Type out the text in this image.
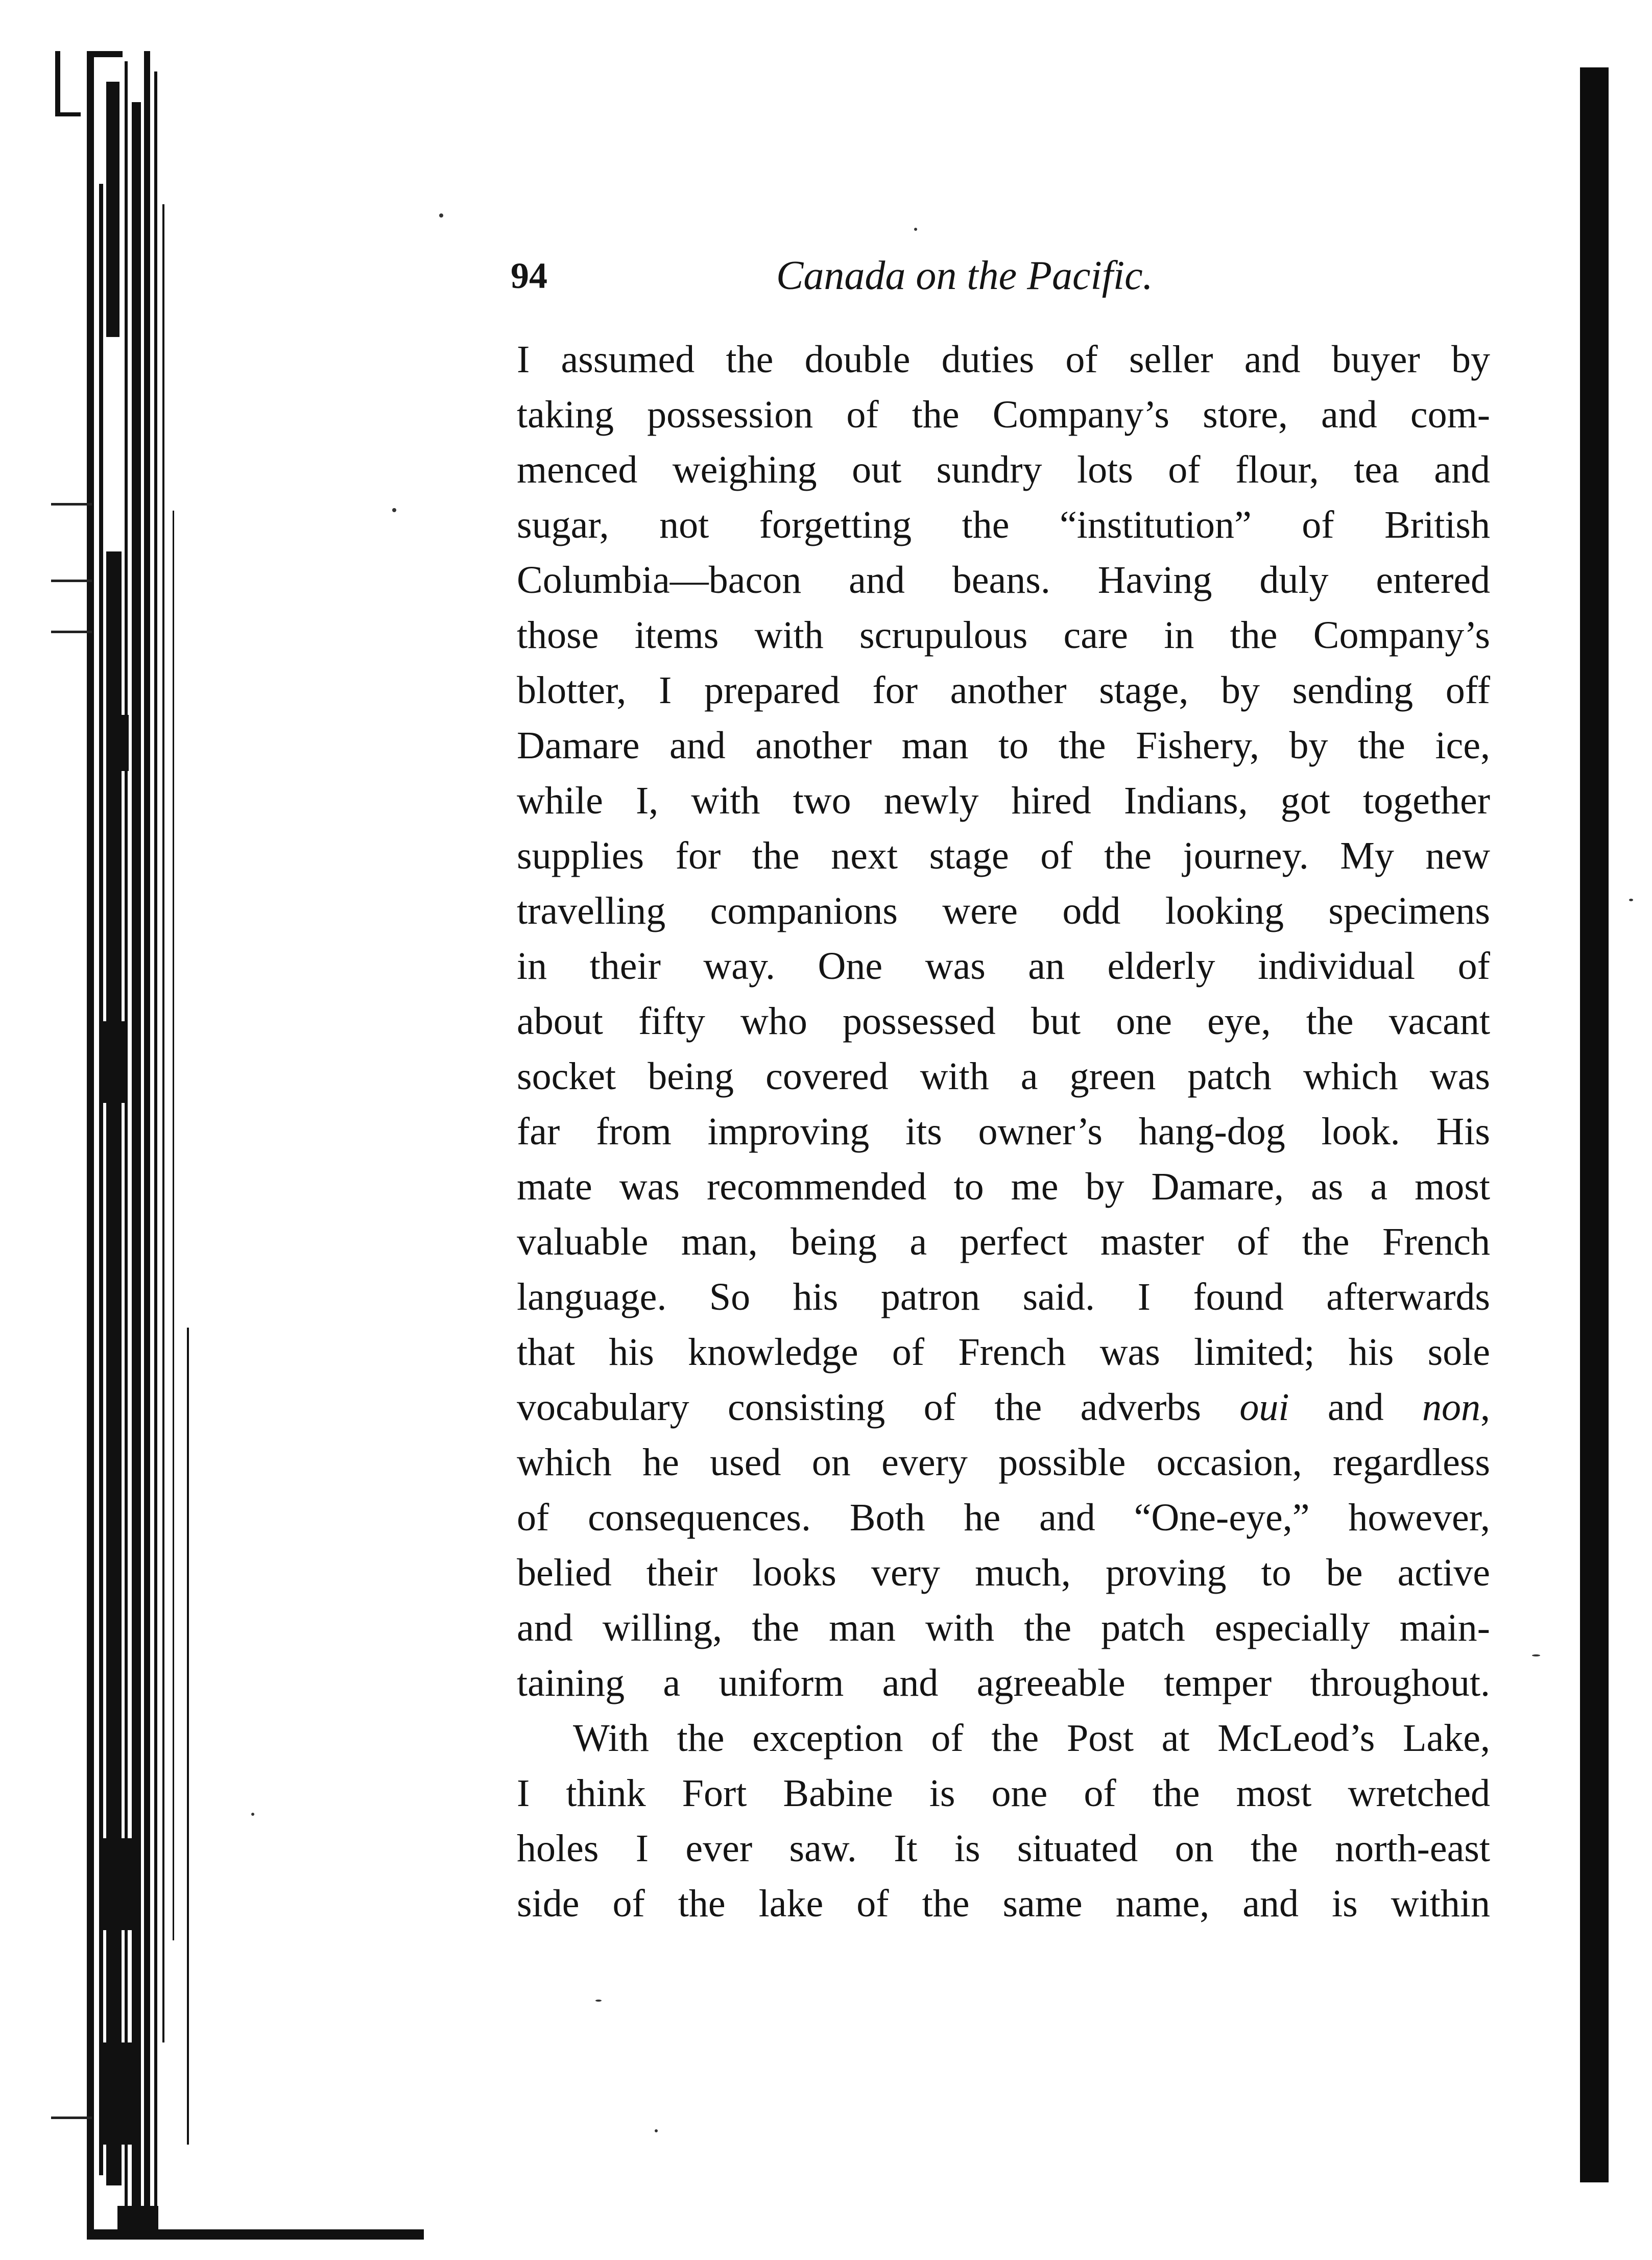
94	Canada on the Pacific.
I assumed the double duties of seller and buyer by
taking possession of the Company’s store, and com-
menced weighing out sundry lots of flour, tea and
sugar, not forgetting the “institution” of British
Columbia—bacon and beans. Having duly entered
those items with scrupulous care in the Company’s
blotter, I prepared for another stage, by sending off
Damare and another man to the Fishery, by the ice,
while I, with two newly hired Indians, got together
supplies for the next stage of the journey. My new
travelling companions were odd looking specimens
in their way. One was an elderly individual of
about fifty who possessed but one eye, the vacant
socket being covered with a green patch which was
far from improving its owner’s hang-dog look. His
mate was recommended to me by Damare, as a most
valuable man, being a perfect master of the French
language. So his patron said. I found afterwards
that his knowledge of French was limited; his sole
vocabulary consisting of the adverbs oui and non,
which he used on every possible occasion, regardless
of consequences. Both he and “One-eye,” however,
belied their looks very much, proving to be active
and willing, the man with the patch especially main-
taining a uniform and agreeable temper throughout.
With the exception of the Post at McLeod’s Lake,
I think Fort Babine is one of the most wretched
holes I ever saw. It is situated on the north-east
side of the lake of the same name, and is within
